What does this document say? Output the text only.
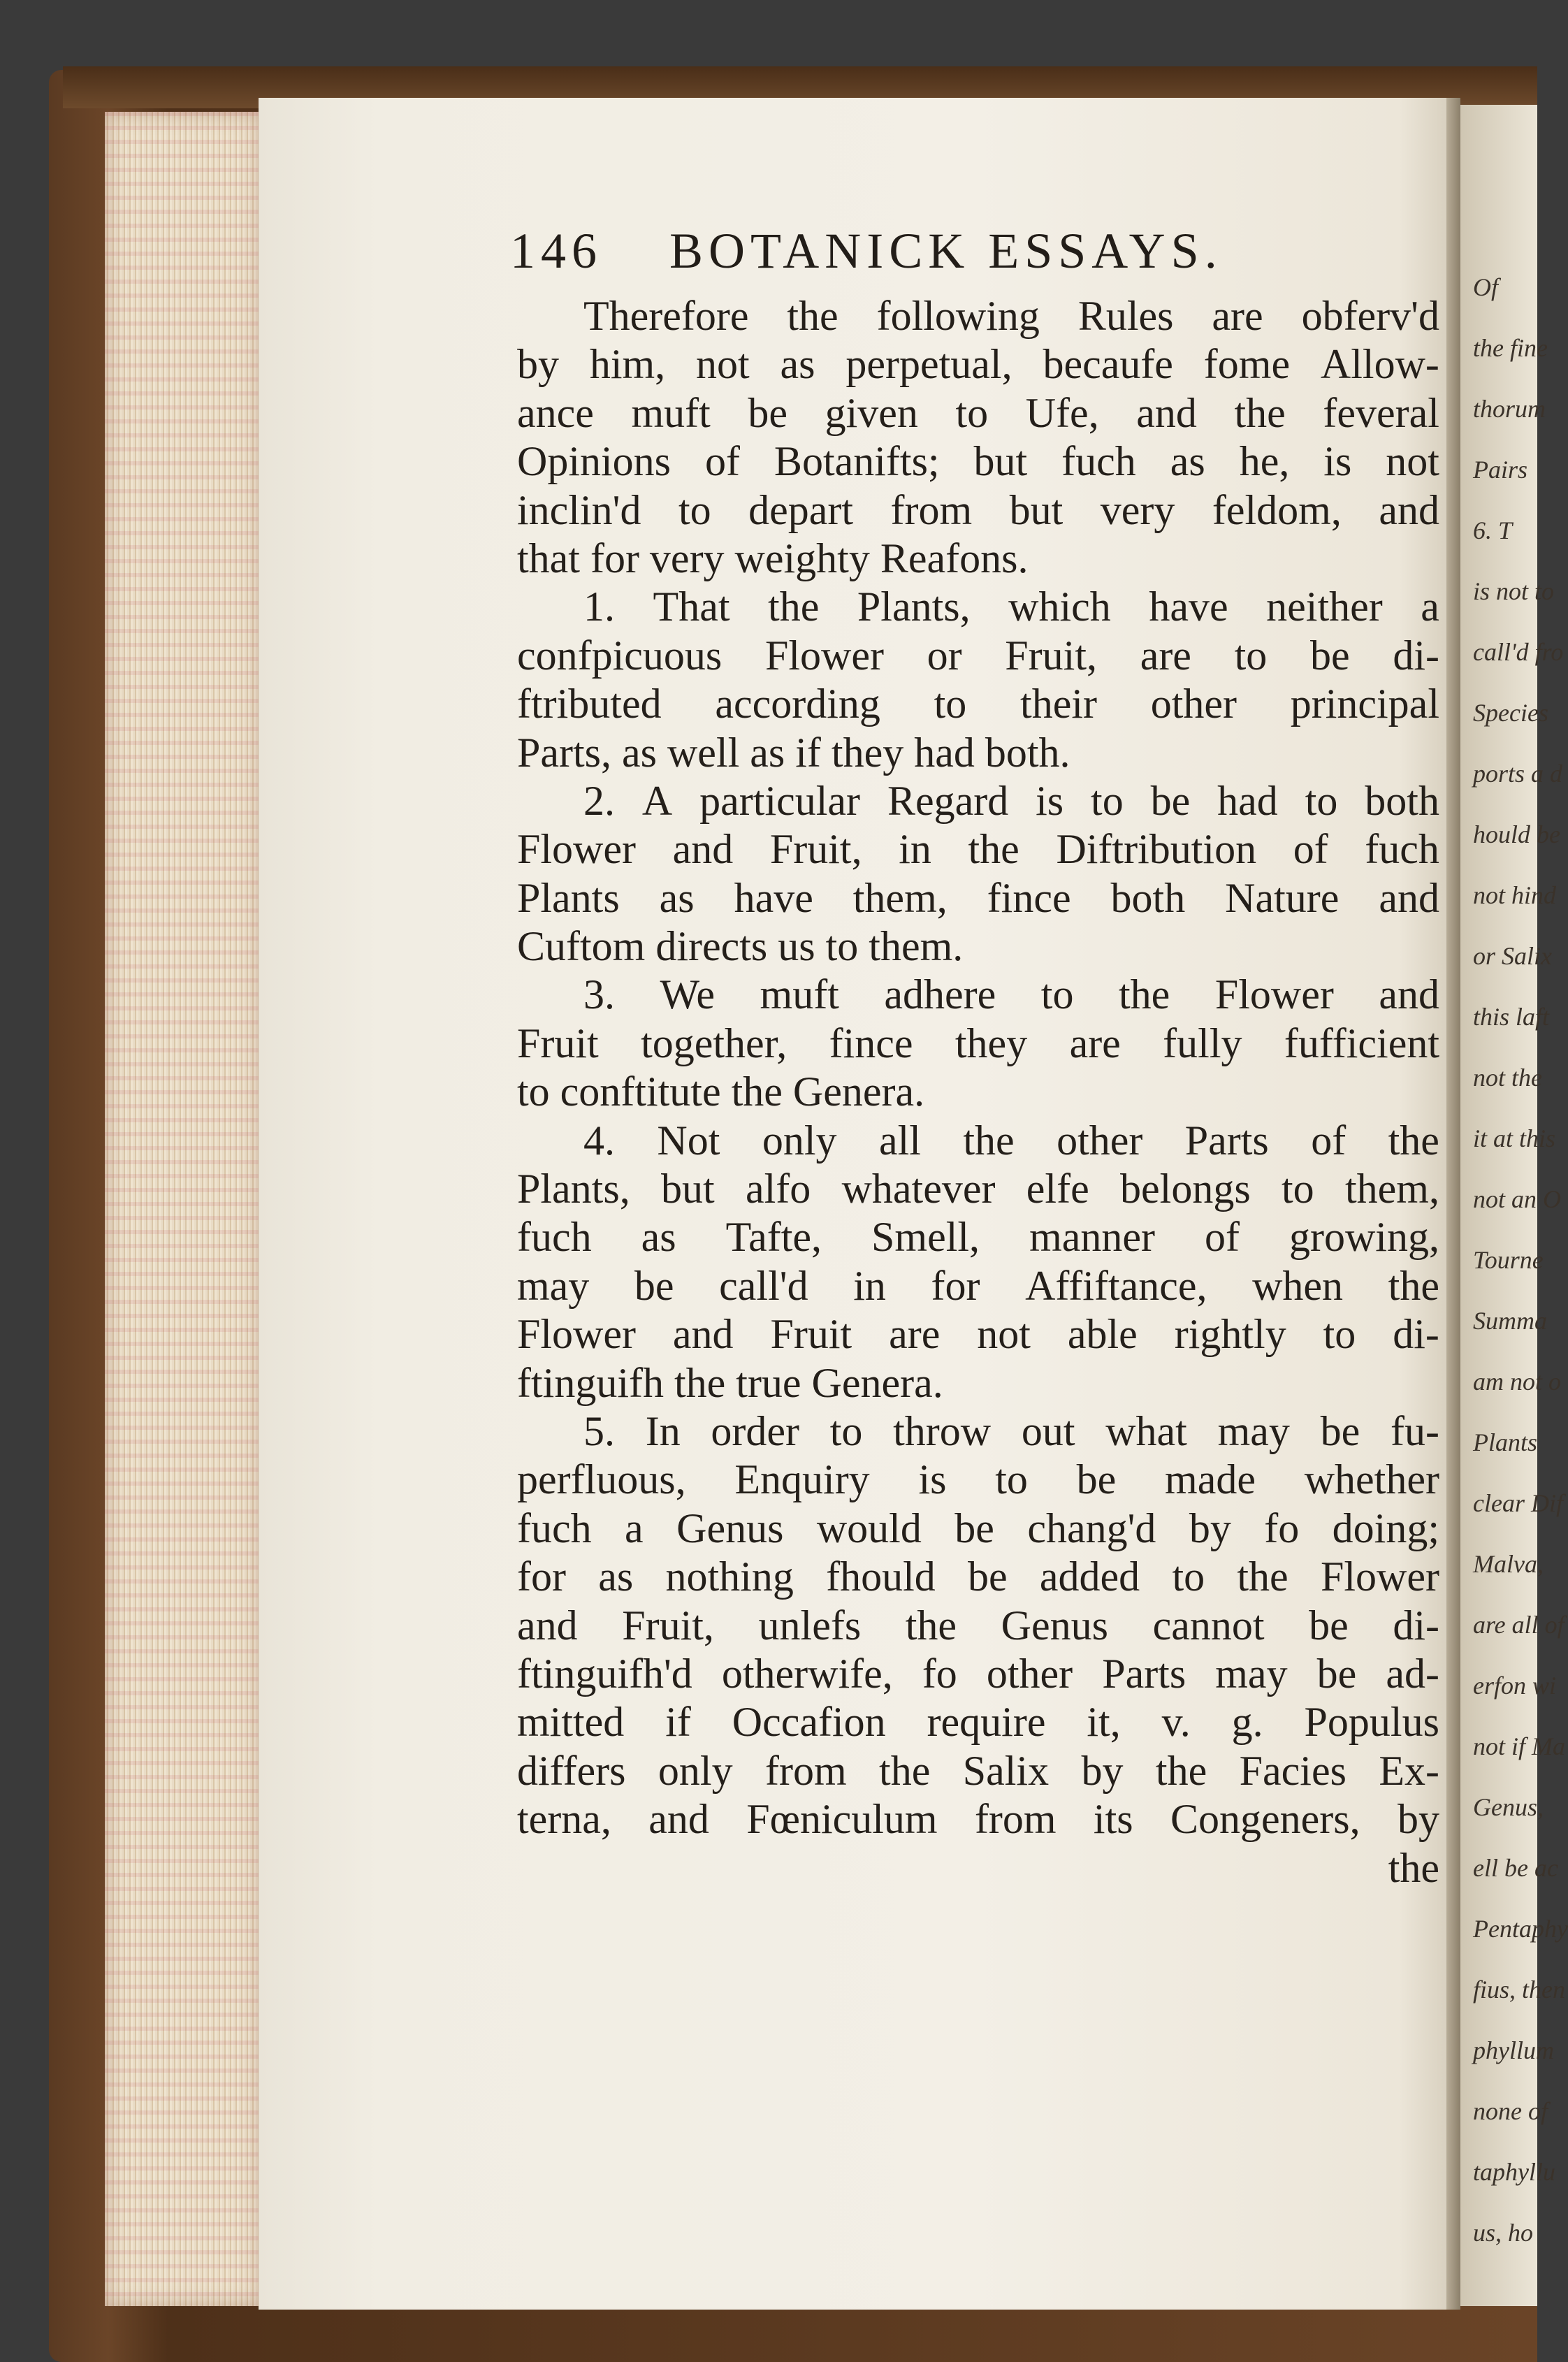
Of
the fine
thorum
Pairs
6. T
is not to
call'd fro
Species
ports a d
hould be
not hind
or Salix
this laft
not the
it at this
not an O
Tourne
Summa
am not o
Plants
clear Dif
Malva,
are all of
erfon wi
not if Ma
Genus,
ell be ac
Pentaphy
fius, then
phyllum
none of
taphyllu
us, ho
146 BOTANICK ESSAYS.
Therefore the following Rules are obferv'd
by him, not as perpetual, becaufe fome Allow-
ance muft be given to Ufe, and the feveral
Opinions of Botanifts; but fuch as he, is not
inclin'd to depart from but very feldom, and
that for very weighty Reafons.
1. That the Plants, which have neither a
confpicuous Flower or Fruit, are to be di-
ftributed according to their other principal
Parts, as well as if they had both.
2. A particular Regard is to be had to both
Flower and Fruit, in the Diftribution of fuch
Plants as have them, fince both Nature and
Cuftom directs us to them.
3. We muft adhere to the Flower and
Fruit together, fince they are fully fufficient
to conftitute the Genera.
4. Not only all the other Parts of the
Plants, but alfo whatever elfe belongs to them,
fuch as Tafte, Smell, manner of growing,
may be call'd in for Affiftance, when the
Flower and Fruit are not able rightly to di-
ftinguifh the true Genera.
5. In order to throw out what may be fu-
perfluous, Enquiry is to be made whether
fuch a Genus would be chang'd by fo doing;
for as nothing fhould be added to the Flower
and Fruit, unlefs the Genus cannot be di-
ftinguifh'd otherwife, fo other Parts may be ad-
mitted if Occafion require it, v. g. Populus
differs only from the Salix by the Facies Ex-
terna, and Fœniculum from its Congeners, by
the
